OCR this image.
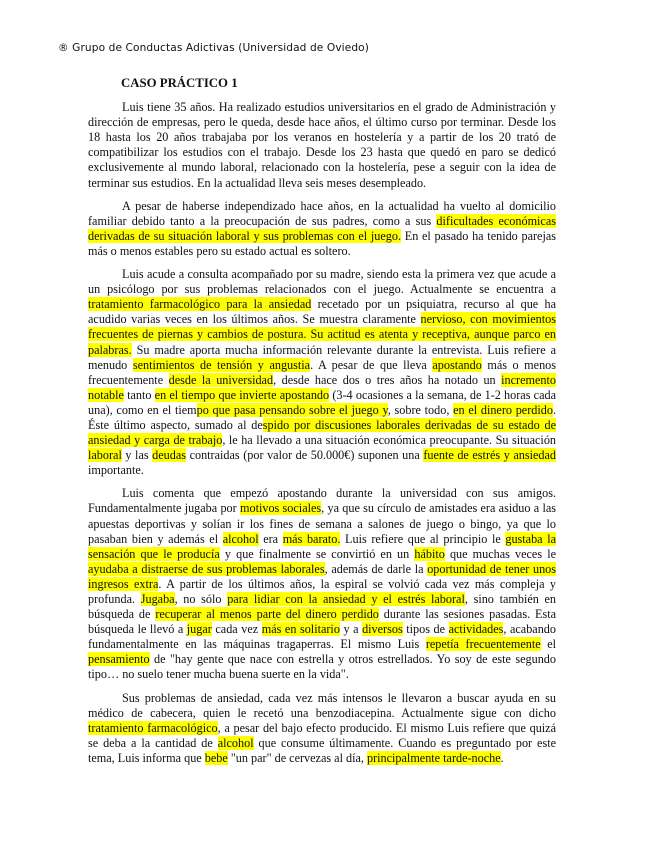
® Grupo de Conductas Adictivas (Universidad de Oviedo)
CASO PRÁCTICO 1

Luis tiene 35 años. Ha realizado estudios universitarios en el grado de Administración y dirección de empresas, pero le queda, desde hace años, el último curso por terminar. Desde los 18 hasta los 20 años trabajaba por los veranos en hostelería y a partir de los 20 trató de compatibilizar los estudios con el trabajo. Desde los 23 hasta que quedó en paro se dedicó exclusivemente al mundo laboral, relacionado con la hostelería, pese a seguir con la idea de terminar sus estudios. En la actualidad lleva seis meses desempleado.

A pesar de haberse independizado hace años, en la actualidad ha vuelto al domicilio familiar debido tanto a la preocupación de sus padres, como a sus dificultades económicas derivadas de su situación laboral y sus problemas con el juego. En el pasado ha tenido parejas más o menos estables pero su estado actual es soltero.

Luis acude a consulta acompañado por su madre, siendo esta la primera vez que acude a un psicólogo por sus problemas relacionados con el juego. Actualmente se encuentra a tratamiento farmacológico para la ansiedad recetado por un psiquiatra, recurso al que ha acudido varias veces en los últimos años. Se muestra claramente nervioso, con movimientos frecuentes de piernas y cambios de postura. Su actitud es atenta y receptiva, aunque parco en palabras. Su madre aporta mucha información relevante durante la entrevista. Luis refiere a menudo sentimientos de tensión y angustia. A pesar de que lleva apostando más o menos frecuentemente desde la universidad, desde hace dos o tres años ha notado un incremento notable tanto en el tiempo que invierte apostando (3-4 ocasiones a la semana, de 1-2 horas cada una), como en el tiempo que pasa pensando sobre el juego y, sobre todo, en el dinero perdido. Éste último aspecto, sumado al despido por discusiones laborales derivadas de su estado de ansiedad y carga de trabajo, le ha llevado a una situación económica preocupante. Su situación laboral y las deudas contraidas (por valor de 50.000€) suponen una fuente de estrés y ansiedad importante.

Luis comenta que empezó apostando durante la universidad con sus amigos. Fundamentalmente jugaba por motivos sociales, ya que su círculo de amistades era asiduo a las apuestas deportivas y solían ir los fines de semana a salones de juego o bingo, ya que lo pasaban bien y además el alcohol era más barato. Luis refiere que al principio le gustaba la sensación que le producía y que finalmente se convirtió en un hábito que muchas veces le ayudaba a distraerse de sus problemas laborales, además de darle la oportunidad de tener unos ingresos extra. A partir de los últimos años, la espiral se volvió cada vez más compleja y profunda. Jugaba, no sólo para lidiar con la ansiedad y el estrés laboral, sino también en búsqueda de recuperar al menos parte del dinero perdido durante las sesiones pasadas. Esta búsqueda le llevó a jugar cada vez más en solitario y a diversos tipos de actividades, acabando fundamentalmente en las máquinas tragaperras. El mismo Luis repetía frecuentemente el pensamiento de "hay gente que nace con estrella y otros estrellados. Yo soy de este segundo tipo… no suelo tener mucha buena suerte en la vida".

Sus problemas de ansiedad, cada vez más intensos le llevaron a buscar ayuda en su médico de cabecera, quien le recetó una benzodiacepina. Actualmente sigue con dicho tratamiento farmacológico, a pesar del bajo efecto producido. El mismo Luis refiere que quizá se deba a la cantidad de alcohol que consume últimamente. Cuando es preguntado por este tema, Luis informa que bebe "un par" de cervezas al día, principalmente tarde-noche.
